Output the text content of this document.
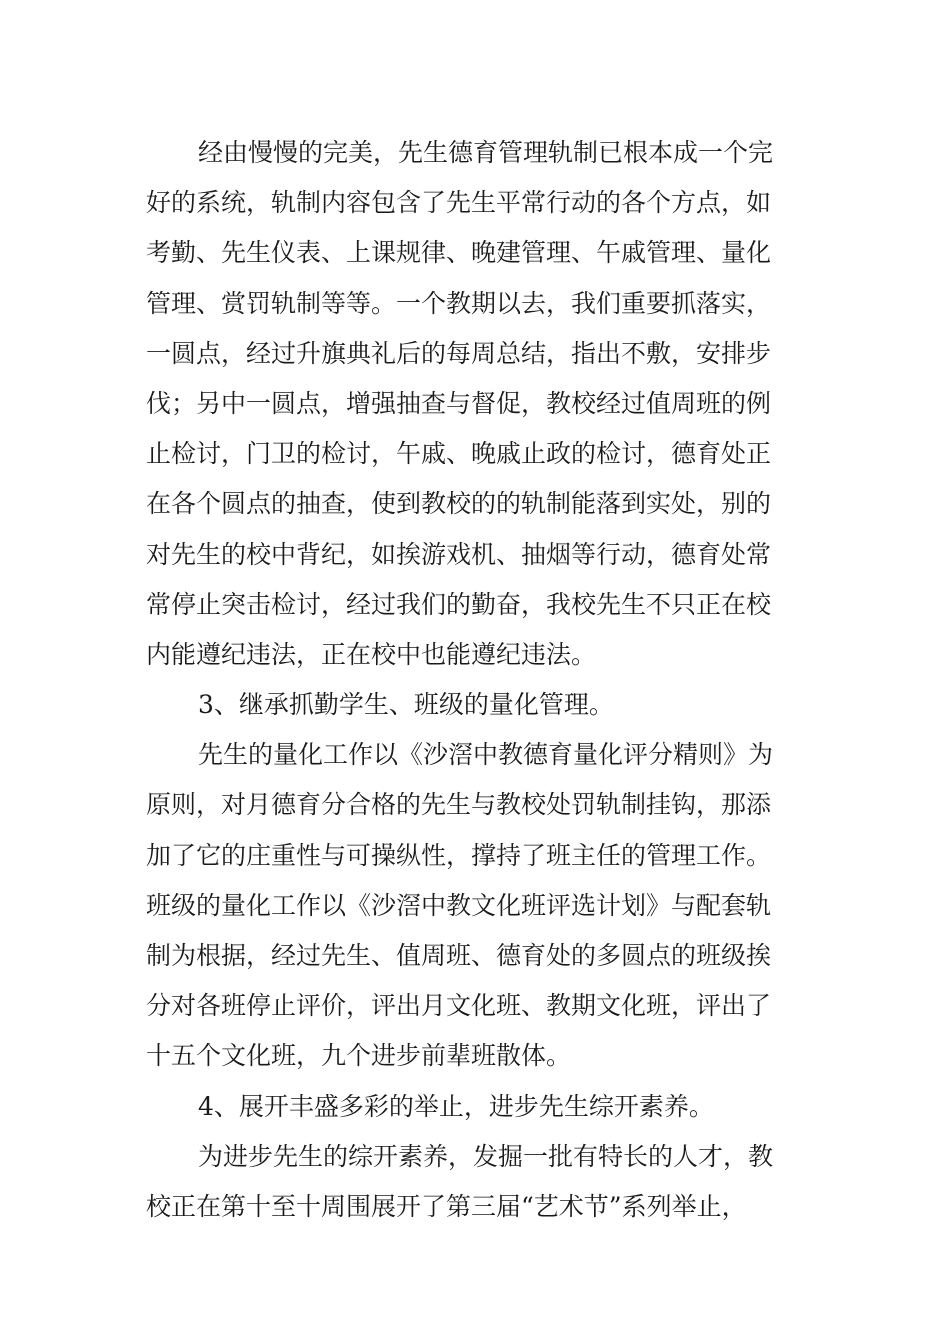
经由慢慢的完美，先生德育管理轨制已根本成一个完
好的系统，轨制内容包含了先生平常行动的各个方点，如
考勤、先生仪表、上课规律、晚建管理、午戚管理、量化
管理、赏罚轨制等等。一个教期以去，我们重要抓落实，
一圆点，经过升旗典礼后的每周总结，指出不敷，安排步
伐；另中一圆点，增强抽查与督促，教校经过值周班的例
止检讨，门卫的检讨，午戚、晚戚止政的检讨，德育处正
在各个圆点的抽查，使到教校的的轨制能落到实处，别的
对先生的校中背纪，如挨游戏机、抽烟等行动，德育处常
常停止突击检讨，经过我们的勤奋，我校先生不只正在校
内能遵纪违法，正在校中也能遵纪违法。
3、继承抓勤学生、班级的量化管理。
先生的量化工作以《沙滘中教德育量化评分精则》为
原则，对月德育分合格的先生与教校处罚轨制挂钩，那添
加了它的庄重性与可操纵性，撑持了班主任的管理工作。
班级的量化工作以《沙滘中教文化班评选计划》与配套轨
制为根据，经过先生、值周班、德育处的多圆点的班级挨
分对各班停止评价，评出月文化班、教期文化班，评出了
十五个文化班，九个进步前辈班散体。
4、展开丰盛多彩的举止，进步先生综开素养。
为进步先生的综开素养，发掘一批有特长的人才，教
校正在第十至十周围展开了第三届“艺术节”系列举止，
